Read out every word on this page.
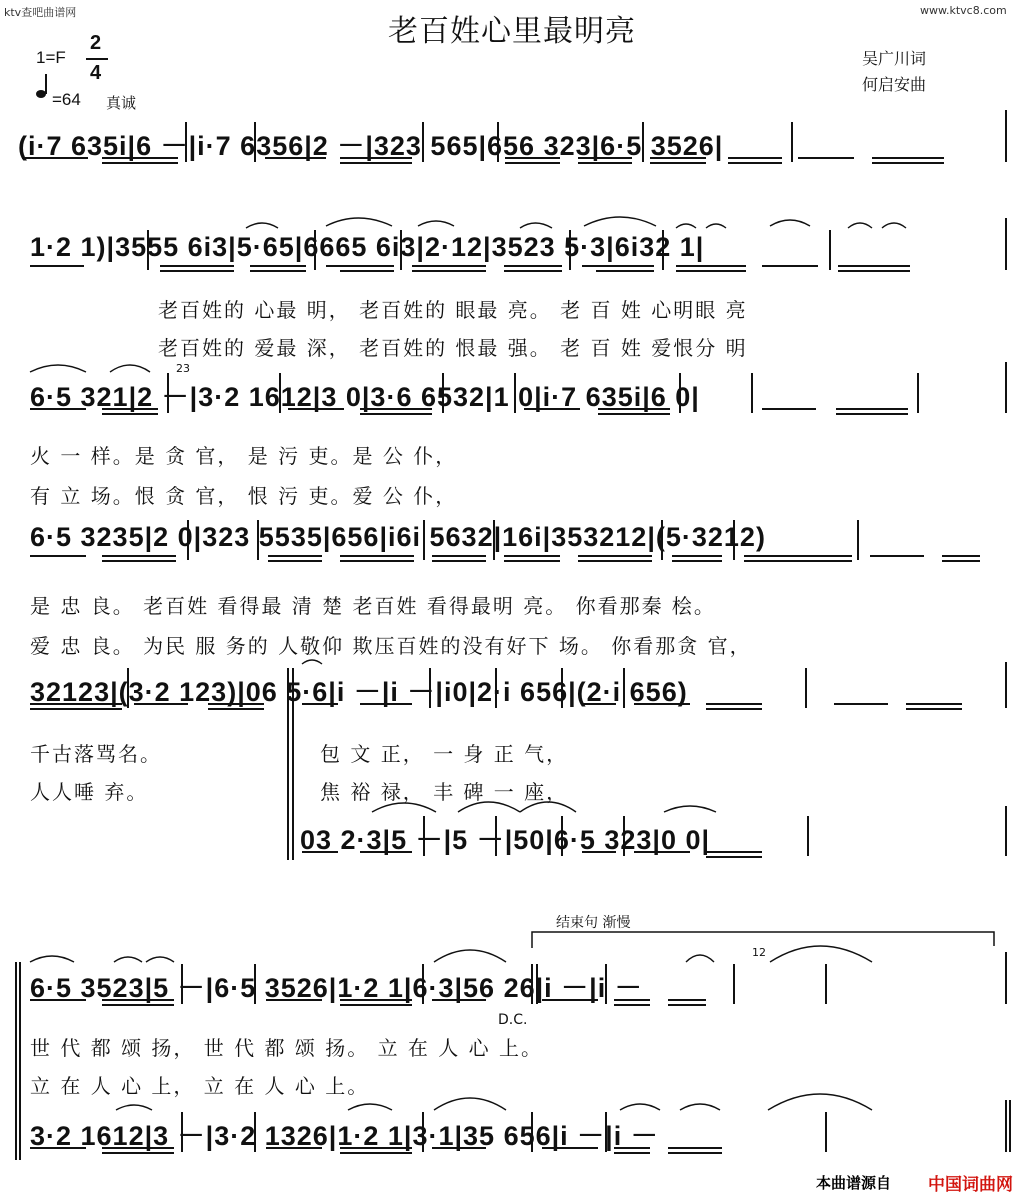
ktv查吧曲谱网	www.ktvc8.com
老百姓心里最明亮
吴广川词
何启安曲
1=F
2
4
=64 真诚
(i·7 635i|6 －|i·7 6356|2 －|323 565|656 323|6·5 3526|
1·2 1)|3555 6i3|5·65|6665 6i3|2·12|3523 5·3|6i32 1|
6·5 321|2 －|3·2 1612|3 0|3·6 6532|1 0|i·7 635i|6 0|
6·5 3235|2 0|323 5535|656|i6i 5632|16i|353212|(5·3212)
32123|(3·2 123)|06 5·6|i －|i －|i0|2·i 656|(2·i 656)
03 2·3|5 －|5 －|50|6·5 323|0 0|
6·5 3523|5 －|6·5 3526|1·2 1|6·3|56 26|i －|i －
3·2 1612|3 －|3·2 1326|1·2 1|3·1|35 656|i －|i －
老百姓的 心最 明， 老百姓的 眼最 亮。 老 百 姓 心明眼 亮
老百姓的 爱最 深， 老百姓的 恨最 强。 老 百 姓 爱恨分 明
火 一 样。是 贪 官， 是 污 吏。是 公 仆，
有 立 场。恨 贪 官， 恨 污 吏。爱 公 仆，
是 忠 良。 老百姓 看得最 清 楚 老百姓 看得最明 亮。 你看那秦 桧。
爱 忠 良。 为民 服 务的 人敬仰 欺压百姓的没有好下 场。 你看那贪 官，
千古落骂名。
人人唾 弃。
包 文 正， 一 身 正 气，
焦 裕 禄， 丰 碑 一 座，
世 代 都 颂 扬， 世 代 都 颂 扬。 立 在 人 心 上。
立 在 人 心 上， 立 在 人 心 上。
23
D.C.
结束句 渐慢
12
本曲谱源自 中国词曲网
